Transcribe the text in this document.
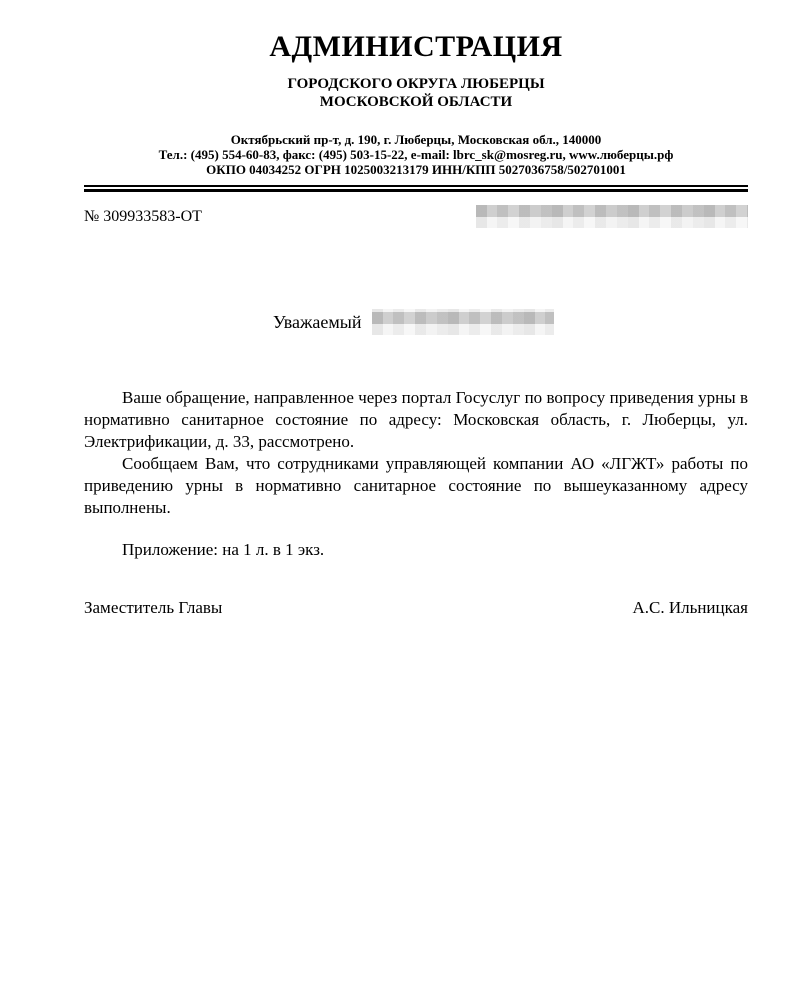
АДМИНИСТРАЦИЯ
ГОРОДСКОГО ОКРУГА ЛЮБЕРЦЫ
МОСКОВСКОЙ ОБЛАСТИ
Октябрьский пр-т, д. 190, г. Люберцы, Московская обл., 140000
Тел.: (495) 554-60-83, факс: (495) 503-15-22, e-mail: lbrc_sk@mosreg.ru, www.люберцы.рф
ОКПО 04034252 ОГРН 1025003213179 ИНН/КПП 5027036758/502701001
№ 309933583-ОТ
Уважаемый

Ваше обращение, направленное через портал Госуслуг по вопросу приведения урны в нормативно санитарное состояние по адресу: Московская область, г. Люберцы, ул. Электрификации, д. 33, рассмотрено.

Сообщаем Вам, что сотрудниками управляющей компании АО «ЛГЖТ» работы по приведению урны в нормативно санитарное состояние по вышеуказанному адресу выполнены.

Приложение: на 1 л. в 1 экз.

Заместитель Главы	А.С. Ильницкая
